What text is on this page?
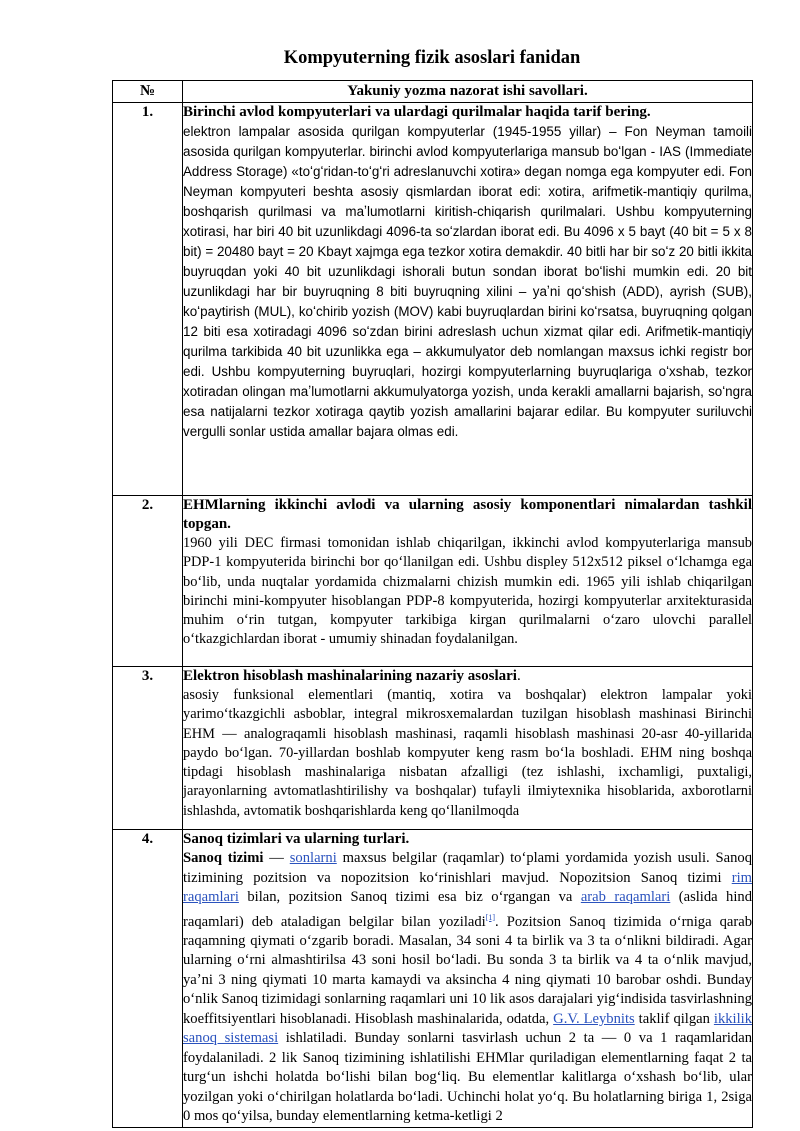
Kompyuterning fizik asoslari fanidan
№	Yakuniy yozma nazorat ishi savollari.
1.	Birinchi avlod kompyuterlari va ulardagi qurilmalar haqida tarif bering.
elektron lampalar asosida qurilgan kompyuterlar (1945-1955 yillar) – Fon Neyman tamoili asosida qurilgan kompyuterlar. birinchi avlod kompyuterlariga mansub boʻlgan - IAS (Immediate Address Storage) «toʻgʻridan-toʻgʻri adreslanuvchi xotira» degan nomga ega kompyuter edi. Fon Neyman kompyuteri beshta asosiy qismlardan iborat edi: xotira, arifmetik-mantiqiy qurilma, boshqarish qurilmasi va maʼlumotlarni kiritish-chiqarish qurilmalari. Ushbu kompyuterning xotirasi, har biri 40 bit uzunlikdagi 4096-ta soʻzlardan iborat edi. Bu 4096 x 5 bayt (40 bit = 5 x 8 bit) = 20480 bayt = 20 Kbayt xajmga ega tezkor xotira demakdir. 40 bitli har bir soʻz 20 bitli ikkita buyruqdan yoki 40 bit uzunlikdagi ishorali butun sondan iborat boʻlishi mumkin edi. 20 bit uzunlikdagi har bir buyruqning 8 biti buyruqning xilini – yaʼni qoʻshish (ADD), ayrish (SUB), koʻpaytirish (MUL), koʻchirib yozish (MOV) kabi buyruqlardan birini koʻrsatsa, buyruqning qolgan 12 biti esa xotiradagi 4096 soʻzdan birini adreslash uchun xizmat qilar edi. Arifmetik-mantiqiy qurilma tarkibida 40 bit uzunlikka ega – akkumulyator deb nomlangan maxsus ichki registr bor edi. Ushbu kompyuterning buyruqlari, hozirgi kompyuterlarning buyruqlariga oʻxshab, tezkor xotiradan olingan maʼlumotlarni akkumulyatorga yozish, unda kerakli amallarni bajarish, soʻngra esa natijalarni tezkor xotiraga qaytib yozish amallarini bajarar edilar. Bu kompyuter suriluvchi vergulli sonlar ustida amallar bajara olmas edi.

2.	EHMlarning ikkinchi avlodi va ularning asosiy komponentlari nimalardan tashkil topgan.
1960 yili DEC firmasi tomonidan ishlab chiqarilgan, ikkinchi avlod kompyuterlariga mansub PDP-1 kompyuterida birinchi bor qoʻllanilgan edi. Ushbu displey 512x512 piksel oʻlchamga ega boʻlib, unda nuqtalar yordamida chizmalarni chizish mumkin edi. 1965 yili ishlab chiqarilgan birinchi mini-kompyuter hisoblangan PDP-8 kompyuterida, hozirgi kompyuterlar arxitekturasida muhim oʻrin tutgan, kompyuter tarkibiga kirgan qurilmalarni oʻzaro ulovchi parallel oʻtkazgichlardan iborat - umumiy shinadan foydalanilgan.

3.	Elektron hisoblash mashinalarining nazariy asoslari.
asosiy funksional elementlari (mantiq, xotira va boshqalar) elektron lampalar yoki yarimoʻtkazgichli asboblar, integral mikrosxemalardan tuzilgan hisoblash mashinasi Birinchi EHM — analograqamli hisoblash mashinasi, raqamli hisoblash mashinasi 20-asr 40-yillarida paydo boʻlgan. 70-yillardan boshlab kompyuter keng rasm boʻla boshladi. EHM ning boshqa tipdagi hisoblash mashinalariga nisbatan afzalligi (tez ishlashi, ixchamligi, puxtaligi, jarayonlarning avtomatlashtirilishy va boshqalar) tufayli ilmiytexnika hisoblarida, axborotlarni ishlashda, avtomatik boshqarishlarda keng qoʻllanilmoqda

4.	Sanoq tizimlari va ularning turlari.
Sanoq tizimi — sonlarni maxsus belgilar (raqamlar) toʻplami yordamida yozish usuli. Sanoq tizimining pozitsion va nopozitsion koʻrinishlari mavjud. Nopozitsion Sanoq tizimi rim raqamlari bilan, pozitsion Sanoq tizimi esa biz oʻrgangan va arab raqamlari (aslida hind raqamlari) deb ataladigan belgilar bilan yoziladi[1]. Pozitsion Sanoq tizimida oʻrniga qarab raqamning qiymati oʻzgarib boradi. Masalan, 34 soni 4 ta birlik va 3 ta oʻnlikni bildiradi. Agar ularning oʻrni almashtirilsa 43 soni hosil boʻladi. Bu sonda 3 ta birlik va 4 ta oʻnlik mavjud, yaʼni 3 ning qiymati 10 marta kamaydi va aksincha 4 ning qiymati 10 barobar oshdi. Bunday oʻnlik Sanoq tizimidagi sonlarning raqamlari uni 10 lik asos darajalari yigʻindisida tasvirlashning koeffitsiyentlari hisoblanadi. Hisoblash mashinalarida, odatda, G.V. Leybnits taklif qilgan ikkilik sanoq sistemasi ishlatiladi. Bunday sonlarni tasvirlash uchun 2 ta — 0 va 1 raqamlaridan foydalaniladi. 2 lik Sanoq tizimining ishlatilishi EHMlar quriladigan elementlarning faqat 2 ta turgʻun ishchi holatda boʻlishi bilan bogʻliq. Bu elementlar kalitlarga oʻxshash boʻlib, ular yozilgan yoki oʻchirilgan holatlarda boʻladi. Uchinchi holat yoʻq. Bu holatlarning biriga 1, 2siga 0 mos qoʻyilsa, bunday elementlarning ketma-ketligi 2
